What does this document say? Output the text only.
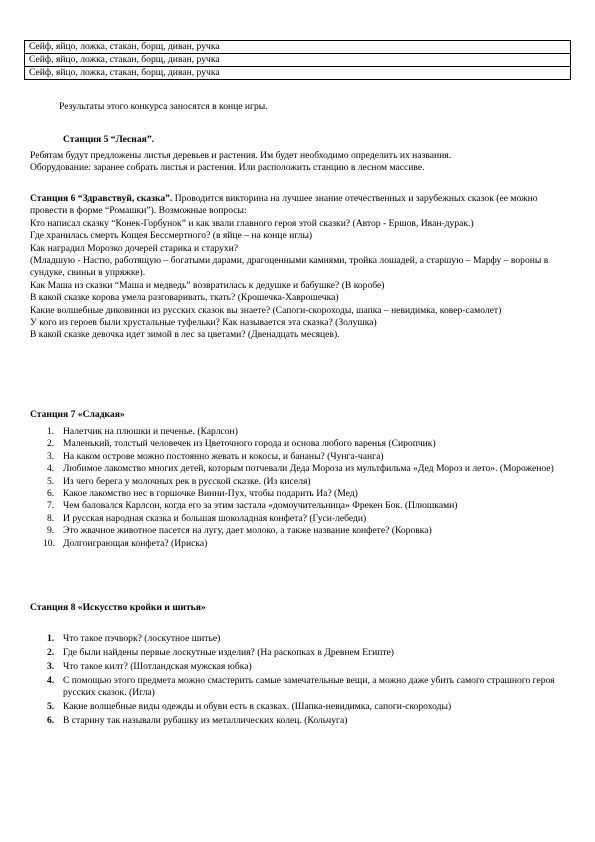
Сейф, яйцо, ложка, стакан, борщ, диван, ручка
Сейф, яйцо, ложка, стакан, борщ, диван, ручка
Сейф, яйцо, ложка, стакан, борщ, диван, ручка
Результаты этого конкурса заносятся в конце игры.
Станция 5 “Лесная”.

Ребятам будут предложены листья деревьев и растения. Им будет необходимо определить их названия.

Оборудование: заранее собрать листья и растения. Или расположить станцию в лесном массиве.

Станция 6 “Здравствуй, сказка”. Проводится викторина на лучшее знание отечественных и зарубежных сказок (ее можно провести в форме “Ромашки”). Возможные вопросы:

Кто написал сказку “Конек-Горбунок” и как звали главного героя этой сказки? (Автор - Ершов, Иван-дурак.)

Где хранилась смерть Кощея Бессмертного? (в яйце – на конце иглы)

Как наградил Морозко дочерей старика и старухи?

(Младшую - Настю, работящую – богатыми дарами, драгоценными камнями, тройка лошадей, а старшую – Марфу – вороны в сундуке, свиньи в упряжке).

Как Маша из сказки “Маша и медведь” возвратилась к дедушке и бабушке? (В коробе)

В какой сказке корова умела разговаривать, ткать? (Крошечка-Хаврошечка)

Какие волшебные диковинки из русских сказок вы знаете? (Сапоги-скороходы, шапка – невидимка, ковер-самолет)

У кого из героев были хрустальные туфельки? Как называется эта сказка? (Золушка)

В какой сказке девочка идет зимой в лес за цветами? (Двенадцать месяцев).

Станция 7 «Сладкая»
1. Налетчик на плюшки и печенье. (Карлсон)
2. Маленький, толстый человечек из Цветочного города и основа любого варенья (Сиропчик)
3. На каком острове можно постоянно жевать и кокосы, и бананы? (Чунга-чанга)
4. Любимое лакомство многих детей, которым потчевали Деда Мороза из мультфильма «Дед Мороз и лето». (Мороженое)
5. Из чего берега у молочных рек в русской сказке. (Из киселя)
6. Какое лакомство нес в горшочке Винни-Пух, чтобы подарить Иа? (Мед)
7. Чем баловался Карлсон, когда его за этим застала «домоучительница» Фрекен Бок. (Плюшками)
8. И русская народная сказка и большая шоколадная конфета? (Гуси-лебеди)
9. Это жвачное животное пасется на лугу, дает молоко, а также название конфете? (Коровка)
10. Долгоиграющая конфета? (Ириска)
Станция 8 «Искусство кройки и шитья»
1. Что такое пэчворк? (лоскутное шитье)
2. Где были найдены первые лоскутные изделия? (На раскопках в Древнем Египте)
3. Что такое килт? (Шотландская мужская юбка)
4. С помощью этого предмета можно смастерить самые замечательные вещи, а можно даже убить самого страшного героя русских сказок. (Игла)
5. Какие волшебные виды одежды и обуви есть в сказках. (Шапка-невидимка, сапоги-скороходы)
6. В старину так называли рубашку из металлических колец. (Кольчуга)
